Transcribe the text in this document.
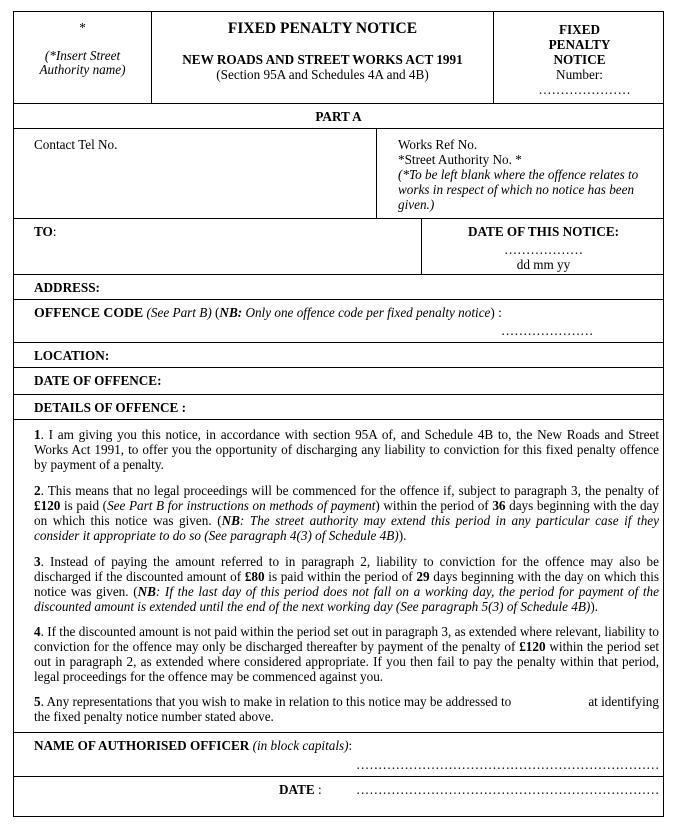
*
(*Insert Street Authority name)
FIXED PENALTY NOTICE
NEW ROADS AND STREET WORKS ACT 1991
(Section 95A and Schedules 4A and 4B)
FIXED
PENALTY
NOTICE
Number:
…………………
PART A
Contact Tel No.	Works Ref No.
*Street Authority No. *
(*To be left blank where the offence relates to works in respect of which no notice has been given.)
TO:	DATE OF THIS NOTICE:
………………
dd mm yy
ADDRESS:
OFFENCE CODE (See Part B) (NB: Only one offence code per fixed penalty notice) :
…………………
LOCATION:
DATE OF OFFENCE:
DETAILS OF OFFENCE :

1. I am giving you this notice, in accordance with section 95A of, and Schedule 4B to, the New Roads and Street Works Act 1991, to offer you the opportunity of discharging any liability to conviction for this fixed penalty offence by payment of a penalty.

2. This means that no legal proceedings will be commenced for the offence if, subject to paragraph 3, the penalty of £120 is paid (See Part B for instructions on methods of payment) within the period of 36 days beginning with the day on which this notice was given. (NB: The street authority may extend this period in any particular case if they consider it appropriate to do so (See paragraph 4(3) of Schedule 4B)).

3. Instead of paying the amount referred to in paragraph 2, liability to conviction for the offence may also be discharged if the discounted amount of £80 is paid within the period of 29 days beginning with the day on which this notice was given. (NB: If the last day of this period does not fall on a working day, the period for payment of the discounted amount is extended until the end of the next working day (See paragraph 5(3) of Schedule 4B)).

4. If the discounted amount is not paid within the period set out in paragraph 3, as extended where relevant, liability to conviction for the offence may only be discharged thereafter by payment of the penalty of £120 within the period set out in paragraph 2, as extended where considered appropriate. If you then fail to pay the penalty within that period, legal proceedings for the offence may be commenced against you.

5. Any representations that you wish to make in relation to this notice may be addressed to	at identifying
the fixed penalty notice number stated above.
NAME OF AUTHORISED OFFICER (in block capitals):
……………………………………………………………
DATE :	……………………………………………………………
